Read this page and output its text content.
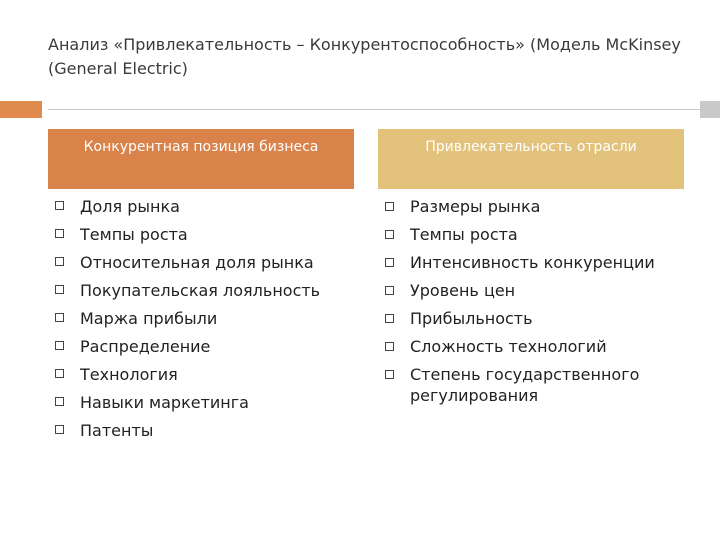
Анализ «Привлекательность – Конкурентоспособность» (Модель McKinsey (General Electric)
Конкурентная позиция бизнеса	Привлекательность отрасли
Доля рынка
Темпы роста
Относительная доля рынка
Покупательская лояльность
Маржа прибыли
Распределение
Технология
Навыки маркетинга
Патенты
Размеры рынка
Темпы роста
Интенсивность конкуренции
Уровень цен
Прибыльность
Сложность технологий
Степень государственного регулирования
